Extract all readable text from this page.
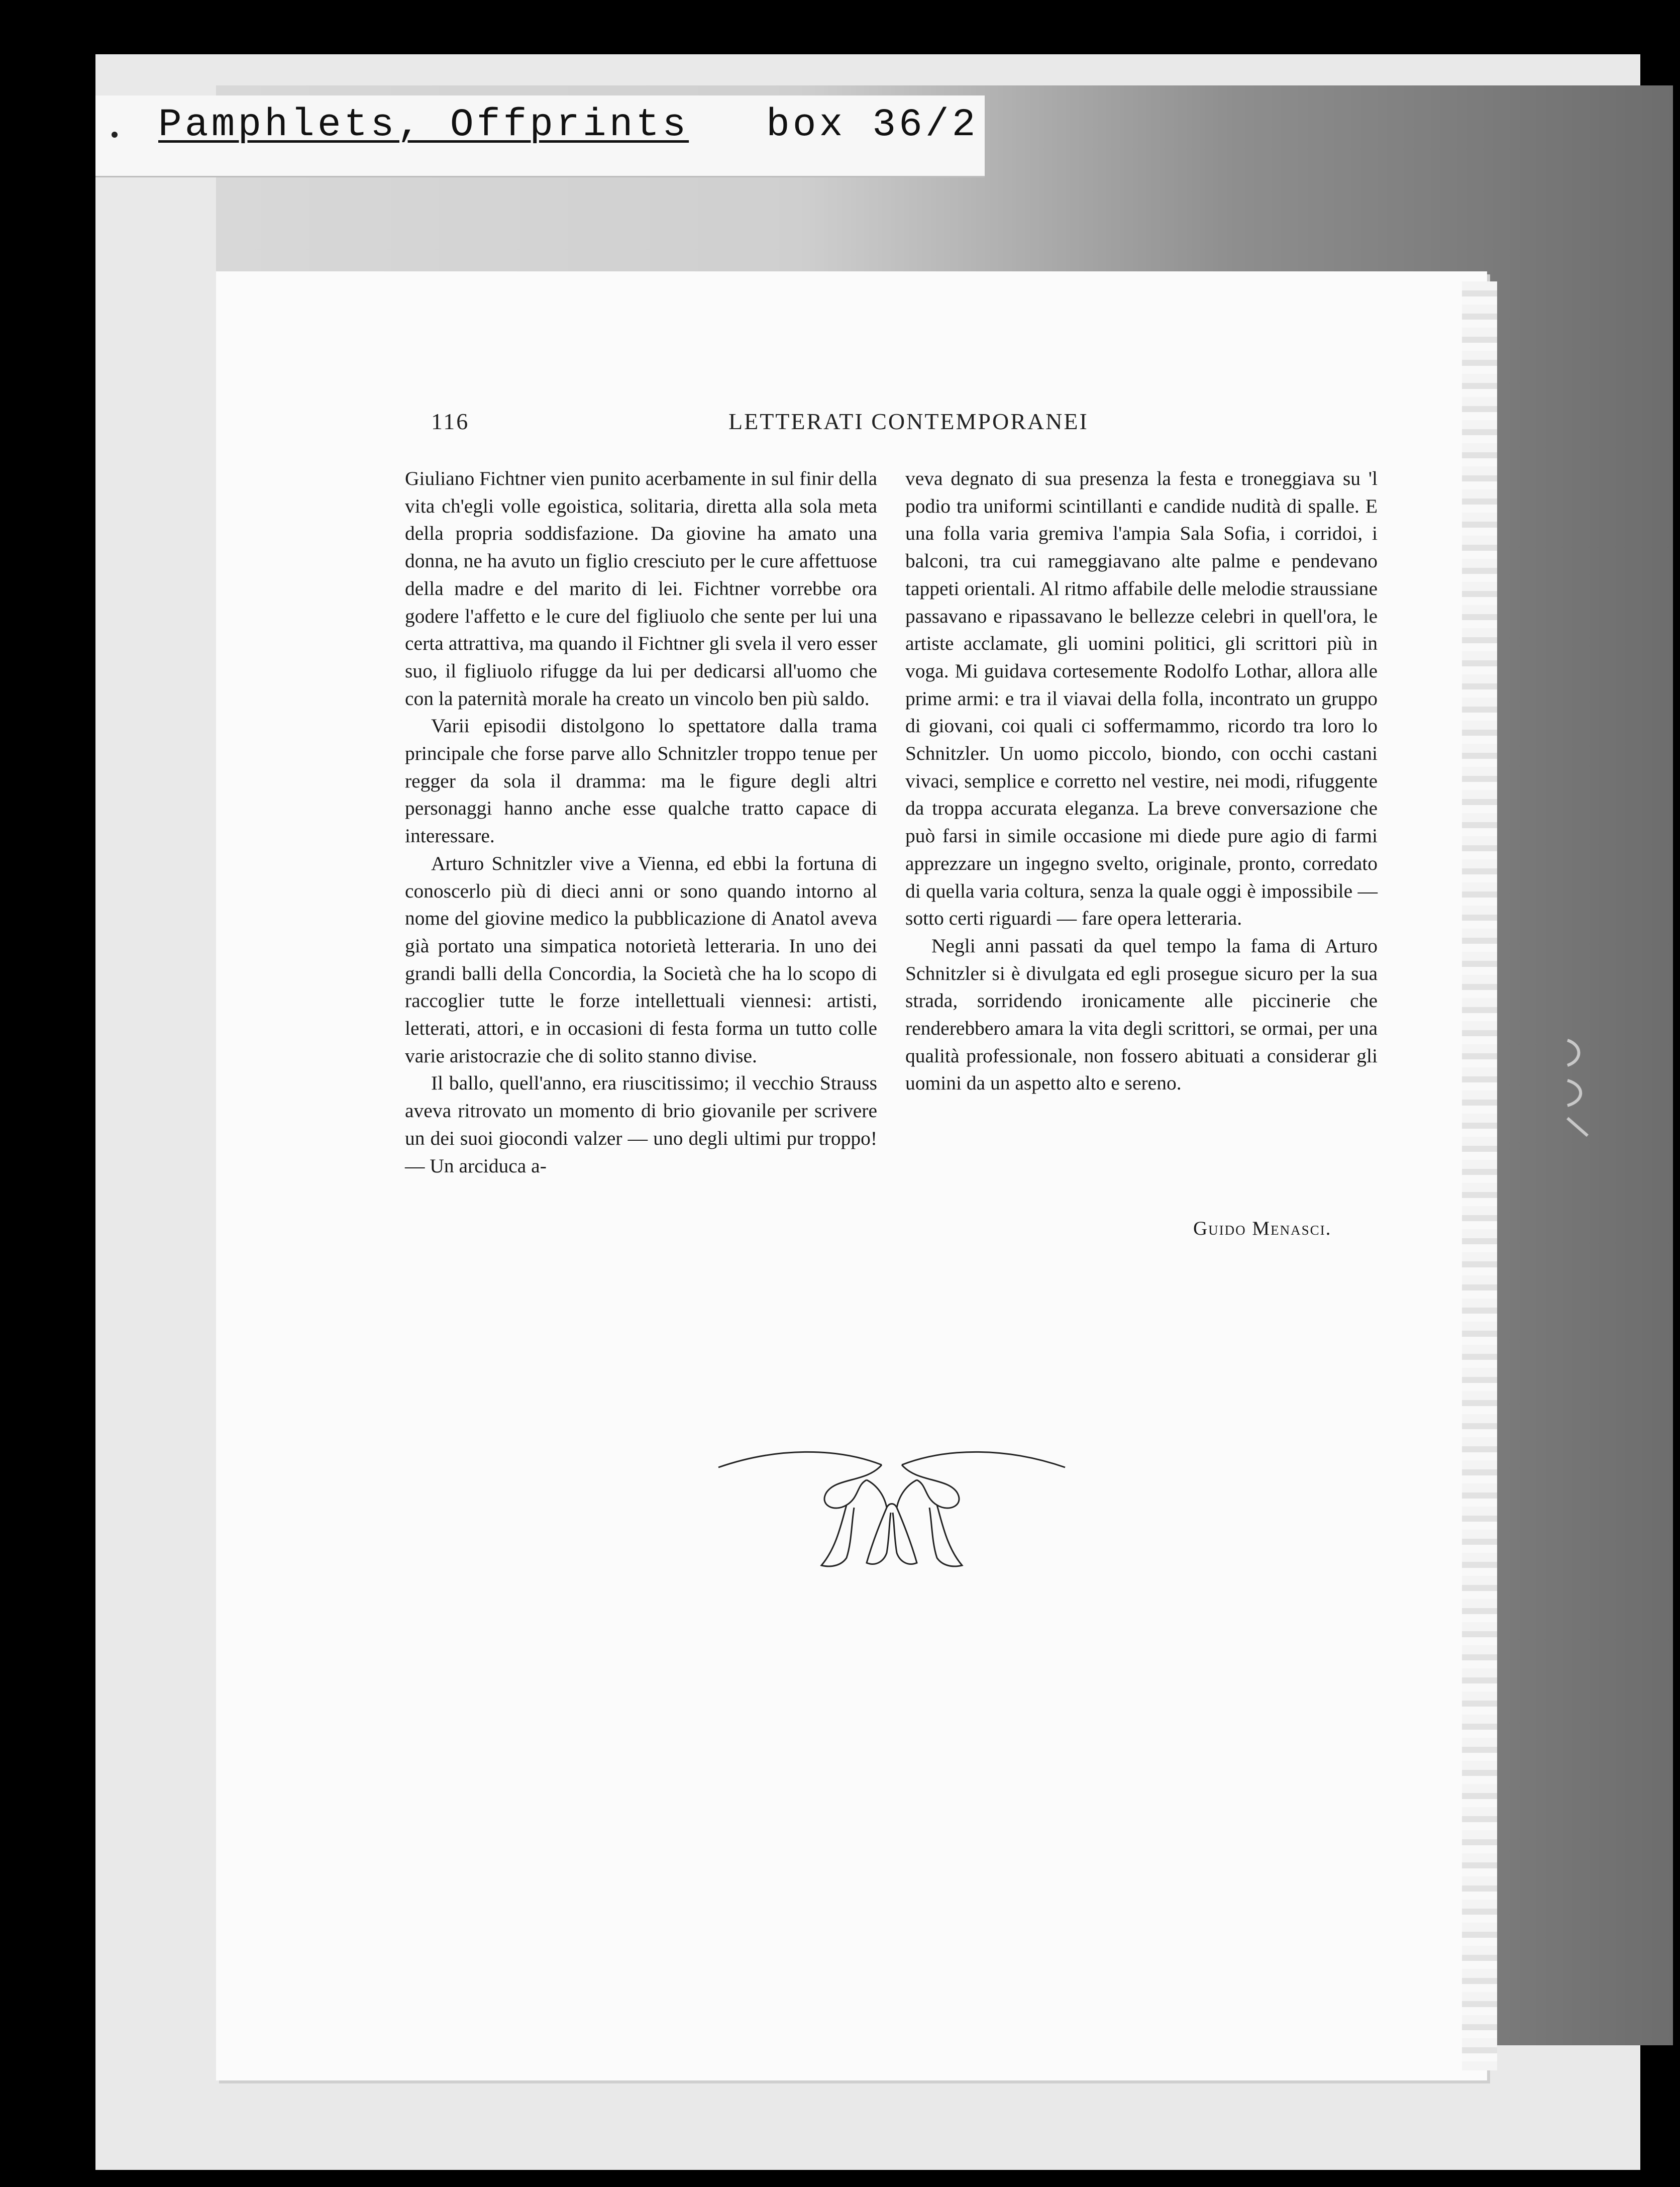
Pamphlets, Offprints box 36/2
116	LETTERATI CONTEMPORANEI

Giuliano Fichtner vien punito acerbamente in sul finir della vita ch'egli volle egoistica, solitaria, diretta alla sola meta della propria soddisfazione. Da giovine ha amato una donna, ne ha avuto un figlio cresciuto per le cure affettuose della madre e del marito di lei. Fichtner vorrebbe ora godere l'affetto e le cure del figliuolo che sente per lui una certa attrattiva, ma quando il Fichtner gli svela il vero esser suo, il figliuolo rifugge da lui per dedicarsi all'uomo che con la paternità morale ha creato un vincolo ben più saldo.

Varii episodii distolgono lo spettatore dalla trama principale che forse parve allo Schnitzler troppo tenue per regger da sola il dramma: ma le figure degli altri personaggi hanno anche esse qualche tratto capace di interessare.

Arturo Schnitzler vive a Vienna, ed ebbi la fortuna di conoscerlo più di dieci anni or sono quando intorno al nome del giovine medico la pubblicazione di Anatol aveva già portato una simpatica notorietà letteraria. In uno dei grandi balli della Concordia, la Società che ha lo scopo di raccoglier tutte le forze intellettuali viennesi: artisti, letterati, attori, e in occasioni di festa forma un tutto colle varie aristocrazie che di solito stanno divise.

Il ballo, quell'anno, era riuscitissimo; il vecchio Strauss aveva ritrovato un momento di brio giovanile per scrivere un dei suoi giocondi valzer — uno degli ultimi pur troppo! — Un arciduca a-

veva degnato di sua presenza la festa e troneggiava su 'l podio tra uniformi scintillanti e candide nudità di spalle. E una folla varia gremiva l'ampia Sala Sofia, i corridoi, i balconi, tra cui rameggiavano alte palme e pendevano tappeti orientali. Al ritmo affabile delle melodie straussiane passavano e ripassavano le bellezze celebri in quell'ora, le artiste acclamate, gli uomini politici, gli scrittori più in voga. Mi guidava cortesemente Rodolfo Lothar, allora alle prime armi: e tra il viavai della folla, incontrato un gruppo di giovani, coi quali ci soffermammo, ricordo tra loro lo Schnitzler. Un uomo piccolo, biondo, con occhi castani vivaci, semplice e corretto nel vestire, nei modi, rifuggente da troppa accurata eleganza. La breve conversazione che può farsi in simile occasione mi diede pure agio di farmi apprezzare un ingegno svelto, originale, pronto, corredato di quella varia coltura, senza la quale oggi è impossibile — sotto certi riguardi — fare opera letteraria.

Negli anni passati da quel tempo la fama di Arturo Schnitzler si è divulgata ed egli prosegue sicuro per la sua strada, sorridendo ironicamente alle piccinerie che renderebbero amara la vita degli scrittori, se ormai, per una qualità professionale, non fossero abituati a considerar gli uomini da un aspetto alto e sereno.

Guido Menasci.
